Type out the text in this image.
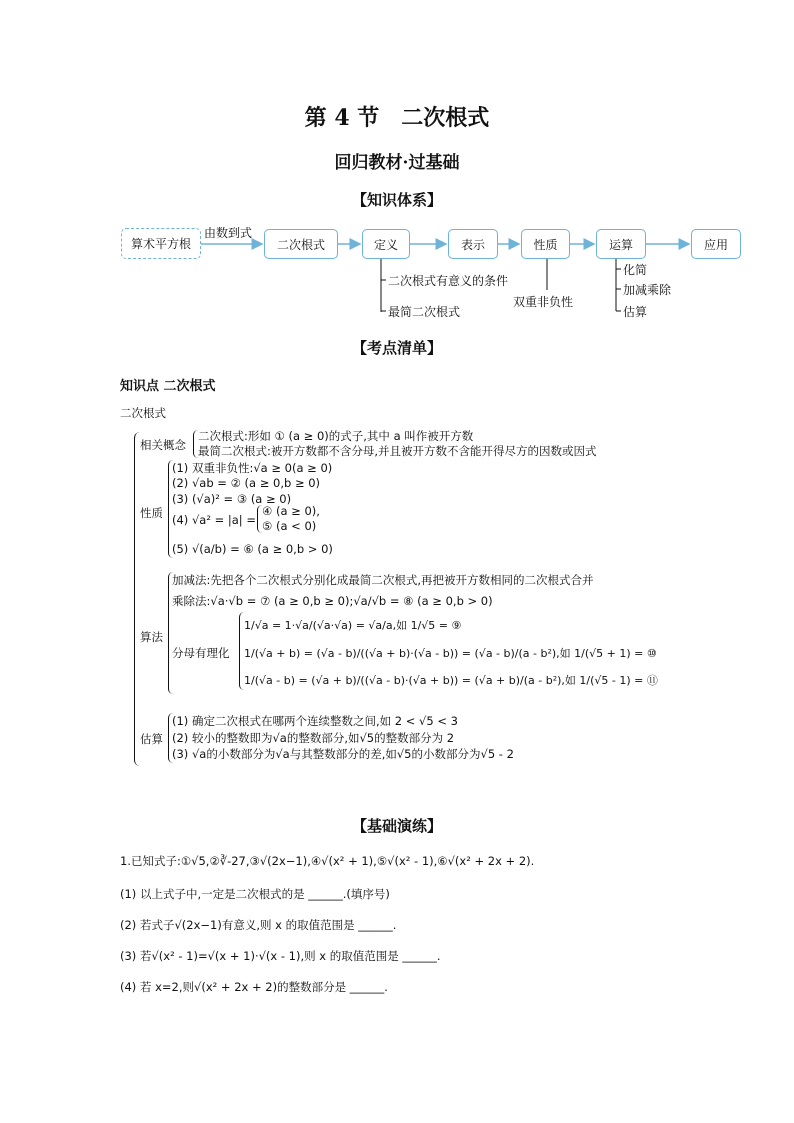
第 4 节　二次根式
回归教材·过基础
【知识体系】
算术平方根
由数到式
二次根式	定义	表示	性质	运算	应用
二次根式有意义的条件
最简二次根式
双重非负性
化简
加减乘除
估算
【考点清单】
知识点 二次根式
二次根式
相关概念
二次根式:形如 ① (a ≥ 0)的式子,其中 a 叫作被开方数
最简二次根式:被开方数都不含分母,并且被开方数不含能开得尽方的因数或因式
性质
(1) 双重非负性:√a ≥ 0(a ≥ 0)
(2) √ab = ② (a ≥ 0,b ≥ 0)
(3) (√a)² = ③ (a ≥ 0)
(4) √a² = |a| =
④ (a ≥ 0),
⑤ (a < 0)
(5) √(a/b) = ⑥ (a ≥ 0,b > 0)
算法
加减法:先把各个二次根式分别化成最简二次根式,再把被开方数相同的二次根式合并
乘除法:√a·√b = ⑦ (a ≥ 0,b ≥ 0);√a/√b = ⑧ (a ≥ 0,b > 0)
分母有理化
1/√a = 1·√a/(√a·√a) = √a/a,如 1/√5 = ⑨
1/(√a + b) = (√a - b)/((√a + b)·(√a - b)) = (√a - b)/(a - b²),如 1/(√5 + 1) = ⑩
1/(√a - b) = (√a + b)/((√a - b)·(√a + b)) = (√a + b)/(a - b²),如 1/(√5 - 1) = ⑪
估算
(1) 确定二次根式在哪两个连续整数之间,如 2 < √5 < 3
(2) 较小的整数即为√a的整数部分,如√5的整数部分为 2
(3) √a的小数部分为√a与其整数部分的差,如√5的小数部分为√5 - 2
【基础演练】
1.已知式子:①√5,②∛-27,③√(2x−1),④√(x² + 1),⑤√(x² - 1),⑥√(x² + 2x + 2).
(1) 以上式子中,一定是二次根式的是 ______.(填序号)
(2) 若式子√(2x−1)有意义,则 x 的取值范围是 ______.
(3) 若√(x² - 1)=√(x + 1)·√(x - 1),则 x 的取值范围是 ______.
(4) 若 x=2,则√(x² + 2x + 2)的整数部分是 ______.
